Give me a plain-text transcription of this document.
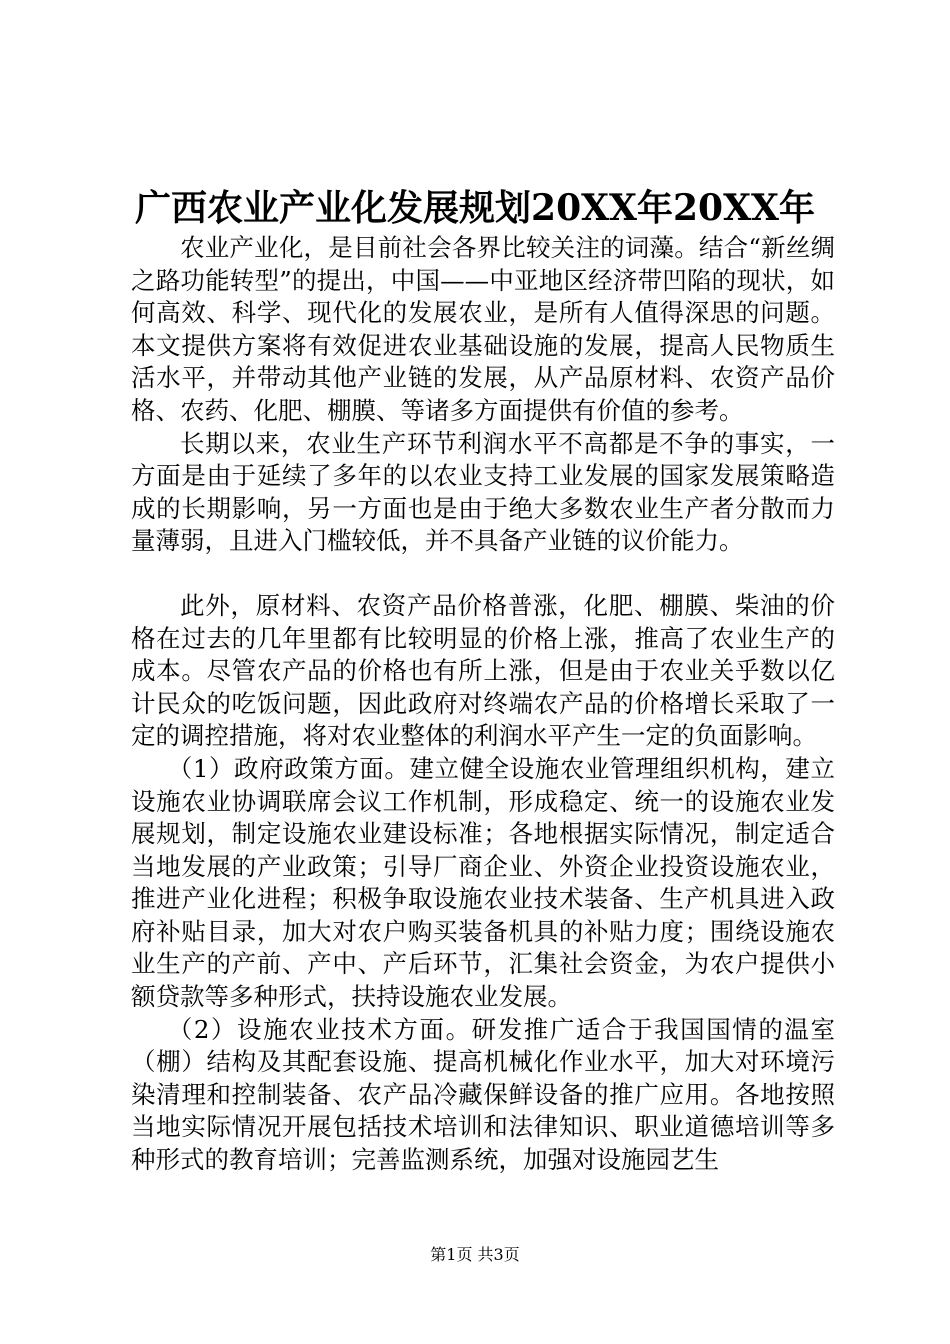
广西农业产业化发展规划20XX年20XX年

农业产业化，是目前社会各界比较关注的词藻。结合“新丝绸之路功能转型”的提出，中国——中亚地区经济带凹陷的现状，如何高效、科学、现代化的发展农业，是所有人值得深思的问题。本文提供方案将有效促进农业基础设施的发展，提高人民物质生活水平，并带动其他产业链的发展，从产品原材料、农资产品价格、农药、化肥、棚膜、等诸多方面提供有价值的参考。

长期以来，农业生产环节利润水平不高都是不争的事实，一方面是由于延续了多年的以农业支持工业发展的国家发展策略造成的长期影响，另一方面也是由于绝大多数农业生产者分散而力量薄弱，且进入门槛较低，并不具备产业链的议价能力。

此外，原材料、农资产品价格普涨，化肥、棚膜、柴油的价格在过去的几年里都有比较明显的价格上涨，推高了农业生产的成本。尽管农产品的价格也有所上涨，但是由于农业关乎数以亿计民众的吃饭问题，因此政府对终端农产品的价格增长采取了一定的调控措施，将对农业整体的利润水平产生一定的负面影响。

（1）政府政策方面。建立健全设施农业管理组织机构，建立设施农业协调联席会议工作机制，形成稳定、统一的设施农业发展规划，制定设施农业建设标准；各地根据实际情况，制定适合当地发展的产业政策；引导厂商企业、外资企业投资设施农业，推进产业化进程；积极争取设施农业技术装备、生产机具进入政府补贴目录，加大对农户购买装备机具的补贴力度；围绕设施农业生产的产前、产中、产后环节，汇集社会资金，为农户提供小额贷款等多种形式，扶持设施农业发展。

（2）设施农业技术方面。研发推广适合于我国国情的温室（棚）结构及其配套设施、提高机械化作业水平，加大对环境污染清理和控制装备、农产品冷藏保鲜设备的推广应用。各地按照当地实际情况开展包括技术培训和法律知识、职业道德培训等多种形式的教育培训；完善监测系统，加强对设施园艺生

第1页 共3页
